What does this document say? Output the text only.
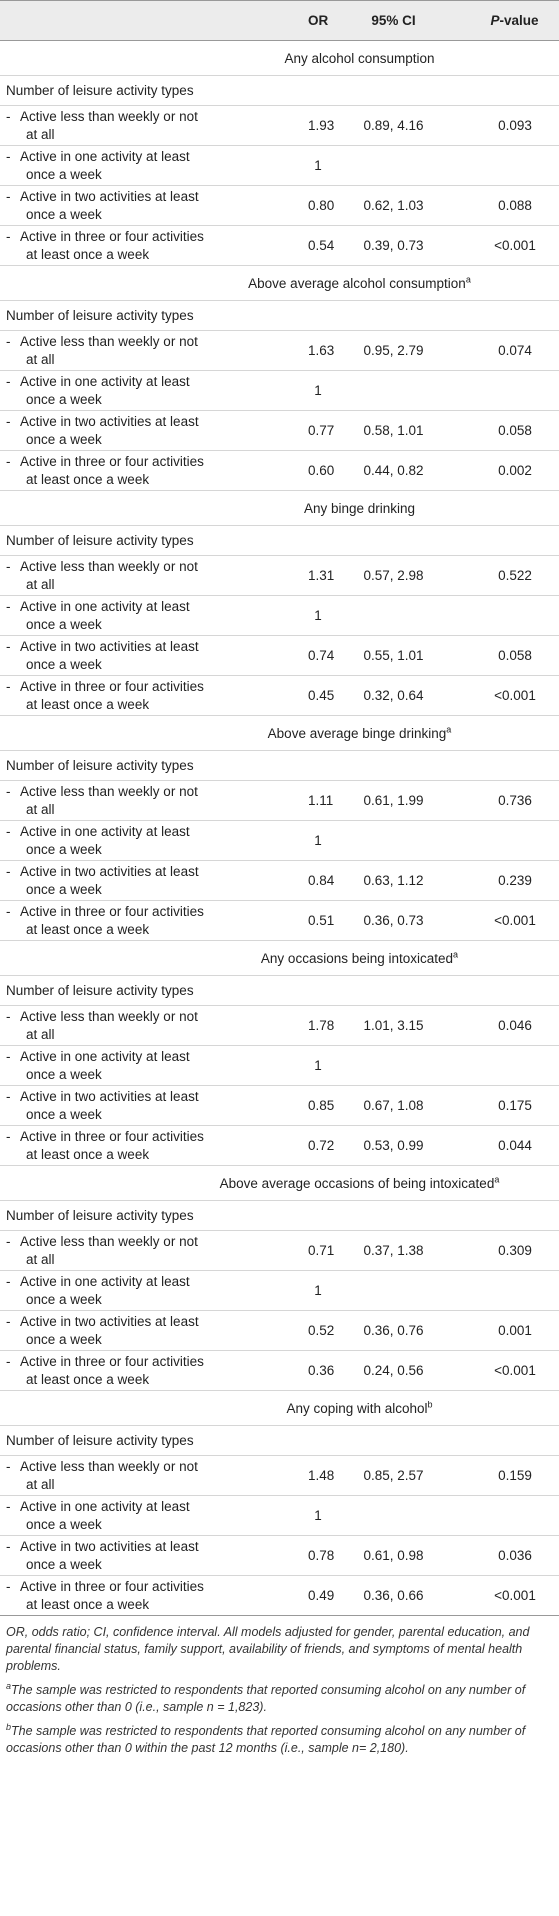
	OR	95% CI	P-value
Any alcohol consumption			
Number of leisure activity types			

- Active less than weekly or not
at all	1.93	0.89, 4.16	0.093

- Active in one activity at least
once a week	1		

- Active in two activities at least
once a week	0.80	0.62, 1.03	0.088

- Active in three or four activities
at least once a week	0.54	0.39, 0.73	<0.001
Above average alcohol consumption$^a$
Number of leisure activity types			

- Active less than weekly or not
at all	1.63	0.95, 2.79	0.074

- Active in one activity at least
once a week	1		

- Active in two activities at least
once a week	0.77	0.58, 1.01	0.058

- Active in three or four activities
at least once a week	0.60	0.44, 0.82	0.002
Any binge drinking			
Number of leisure activity types			

- Active less than weekly or not
at all	1.31	0.57, 2.98	0.522

- Active in one activity at least
once a week	1		

- Active in two activities at least
once a week	0.74	0.55, 1.01	0.058

- Active in three or four activities
at least once a week	0.45	0.32, 0.64	<0.001
Above average binge drinking$^a$
Number of leisure activity types			

- Active less than weekly or not
at all	1.11	0.61, 1.99	0.736

- Active in one activity at least
once a week	1		

- Active in two activities at least
once a week	0.84	0.63, 1.12	0.239

- Active in three or four activities
at least once a week	0.51	0.36, 0.73	<0.001
Any occasions being intoxicated$^a$
Number of leisure activity types			

- Active less than weekly or not
at all	1.78	1.01, 3.15	0.046

- Active in one activity at least
once a week	1		

- Active in two activities at least
once a week	0.85	0.67, 1.08	0.175

- Active in three or four activities
at least once a week	0.72	0.53, 0.99	0.044
Above average occasions of being intoxicated$^a$
Number of leisure activity types			

- Active less than weekly or not
at all	0.71	0.37, 1.38	0.309

- Active in one activity at least
once a week	1		

- Active in two activities at least
once a week	0.52	0.36, 0.76	0.001

- Active in three or four activities
at least once a week	0.36	0.24, 0.56	<0.001
Any coping with alcohol$^b$
Number of leisure activity types			

- Active less than weekly or not
at all	1.48	0.85, 2.57	0.159

- Active in one activity at least
once a week	1		

- Active in two activities at least
once a week	0.78	0.61, 0.98	0.036

- Active in three or four activities
at least once a week	0.49	0.36, 0.66	<0.001

OR, odds ratio; CI, confidence interval. All models adjusted for gender, parental education, and parental financial status, family support, availability of friends, and symptoms of mental health problems.

$^a$The sample was restricted to respondents that reported consuming alcohol on any number of occasions other than 0 (i.e., sample n = 1,823).

$^b$The sample was restricted to respondents that reported consuming alcohol on any number of occasions other than 0 within the past 12 months (i.e., sample n= 2,180).
